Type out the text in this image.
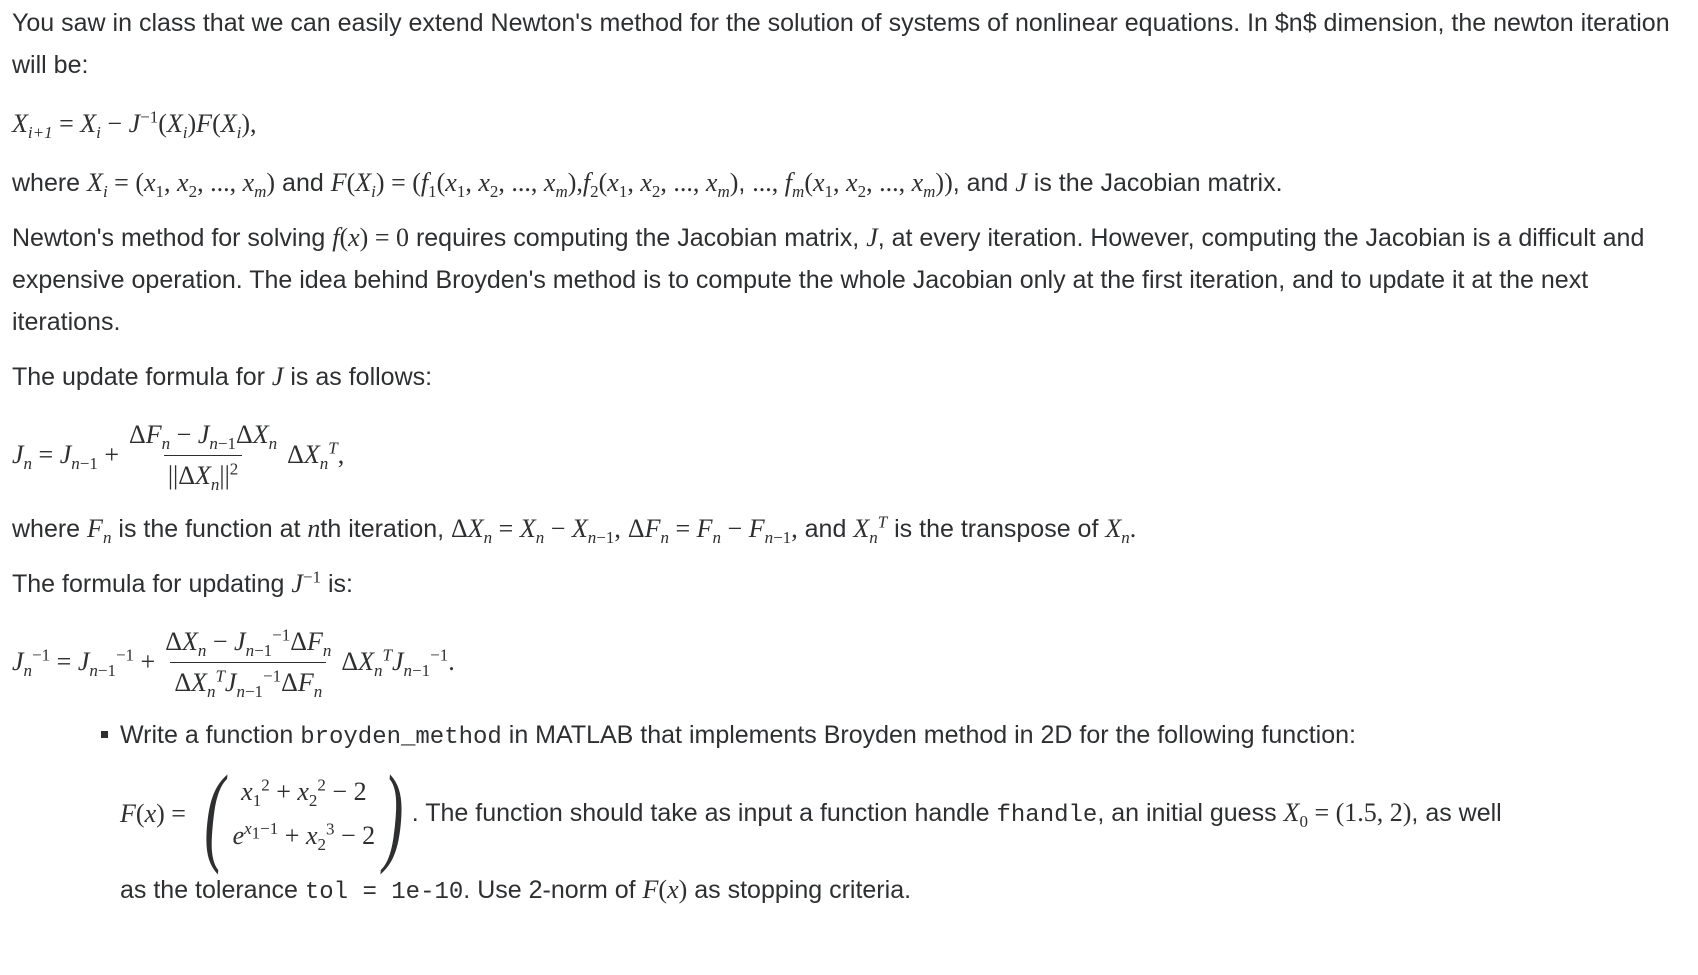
You saw in class that we can easily extend Newton's method for the solution of systems of nonlinear equations. In $n$ dimension, the newton iteration will be:

$X_{i+1} = X_i - J^{-1}(X_i)F(X_i)$,

where $X_i = (x_1$, $x_2$, ..., $x_m$) and $F(X_i) = (f_1(x_1$, $x_2$, ..., $x_m),f_2(x_1$, $x_2$, ..., $x_m$), ..., $f_m(x_1$, $x_2$, ..., $x_m$)), and J is the Jacobian matrix.

Newton's method for solving f(x) = 0 requires computing the Jacobian matrix, J, at every iteration. However, computing the Jacobian is a difficult and expensive operation. The idea behind Broyden's method is to compute the whole Jacobian only at the first iteration, and to update it at the next iterations.

The update formula for J is as follows:

$J_n = J_{n-1} + \frac{\Delta F_n - J_{n-1}\Delta X_n}{||\Delta X_n||^2} \Delta X_n^T$,

where $F_n$ is the function at nth iteration, $\Delta X_n = X_n - X_{n-1}$, $\Delta F_n = F_n - F_{n-1}$, and $X_n^T$ is the transpose of $X_n$.

The formula for updating $J^{-1}$ is:

$J_n^{-1} = J_{n-1}^{-1} + \frac{\Delta X_n - J_{n-1}^{-1}\Delta F_n}{\Delta X_n^TJ_{n-1}^{-1}\Delta F_n} \Delta X_n^TJ_{n-1}^{-1}$.
Write a function broyden_method in MATLAB that implements Broyden method in 2D for the following function:
F(x) = ( $x_1^2 + x_2^2 - 2$
$e^{x_1-1} + x_2^3 - 2$ ) . The function should take as input a function handle fhandle, an initial guess $X_0 = (1.5$, 2), as well
as the tolerance tol = 1e-10. Use 2-norm of F(x) as stopping criteria.
